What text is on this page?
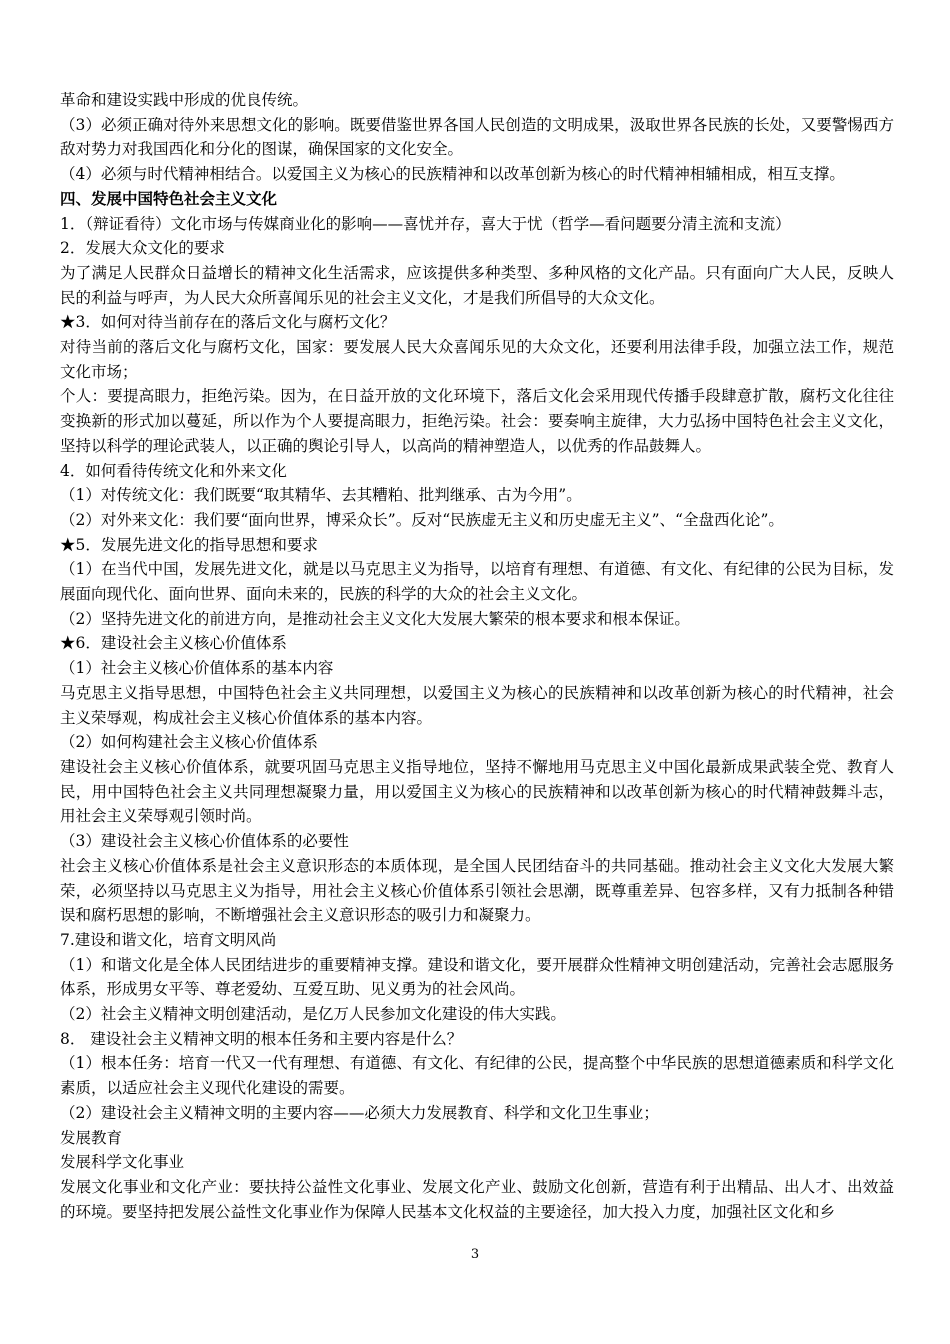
革命和建设实践中形成的优良传统。

（3）必须正确对待外来思想文化的影响。既要借鉴世界各国人民创造的文明成果，汲取世界各民族的长处，又要警惕西方敌对势力对我国西化和分化的图谋，确保国家的文化安全。

（4）必须与时代精神相结合。以爱国主义为核心的民族精神和以改革创新为核心的时代精神相辅相成，相互支撑。

四、发展中国特色社会主义文化

1．（辩证看待）文化市场与传媒商业化的影响——喜忧并存，喜大于忧（哲学—看问题要分清主流和支流）

2．发展大众文化的要求

为了满足人民群众日益增长的精神文化生活需求，应该提供多种类型、多种风格的文化产品。只有面向广大人民，反映人民的利益与呼声，为人民大众所喜闻乐见的社会主义文化，才是我们所倡导的大众文化。

★3．如何对待当前存在的落后文化与腐朽文化？

对待当前的落后文化与腐朽文化，国家：要发展人民大众喜闻乐见的大众文化，还要利用法律手段，加强立法工作，规范文化市场；

个人：要提高眼力，拒绝污染。因为，在日益开放的文化环境下，落后文化会采用现代传播手段肆意扩散，腐朽文化往往变换新的形式加以蔓延，所以作为个人要提高眼力，拒绝污染。社会：要奏响主旋律，大力弘扬中国特色社会主义文化，坚持以科学的理论武装人，以正确的舆论引导人，以高尚的精神塑造人，以优秀的作品鼓舞人。

4．如何看待传统文化和外来文化

（1）对传统文化：我们既要“取其精华、去其糟粕、批判继承、古为今用”。

（2）对外来文化：我们要“面向世界，博采众长”。反对“民族虚无主义和历史虚无主义”、“全盘西化论”。

★5．发展先进文化的指导思想和要求

（1）在当代中国，发展先进文化，就是以马克思主义为指导，以培育有理想、有道德、有文化、有纪律的公民为目标，发展面向现代化、面向世界、面向未来的，民族的科学的大众的社会主义文化。

（2）坚持先进文化的前进方向，是推动社会主义文化大发展大繁荣的根本要求和根本保证。

★6．建设社会主义核心价值体系

（1）社会主义核心价值体系的基本内容

马克思主义指导思想，中国特色社会主义共同理想，以爱国主义为核心的民族精神和以改革创新为核心的时代精神，社会主义荣辱观，构成社会主义核心价值体系的基本内容。

（2）如何构建社会主义核心价值体系

建设社会主义核心价值体系，就要巩固马克思主义指导地位，坚持不懈地用马克思主义中国化最新成果武装全党、教育人民，用中国特色社会主义共同理想凝聚力量，用以爱国主义为核心的民族精神和以改革创新为核心的时代精神鼓舞斗志，用社会主义荣辱观引领时尚。

（3）建设社会主义核心价值体系的必要性

社会主义核心价值体系是社会主义意识形态的本质体现，是全国人民团结奋斗的共同基础。推动社会主义文化大发展大繁荣，必须坚持以马克思主义为指导，用社会主义核心价值体系引领社会思潮，既尊重差异、包容多样，又有力抵制各种错误和腐朽思想的影响，不断增强社会主义意识形态的吸引力和凝聚力。

7.建设和谐文化，培育文明风尚

（1）和谐文化是全体人民团结进步的重要精神支撑。建设和谐文化，要开展群众性精神文明创建活动，完善社会志愿服务体系，形成男女平等、尊老爱幼、互爱互助、见义勇为的社会风尚。

（2）社会主义精神文明创建活动，是亿万人民参加文化建设的伟大实践。

8． 建设社会主义精神文明的根本任务和主要内容是什么？

（1）根本任务：培育一代又一代有理想、有道德、有文化、有纪律的公民，提高整个中华民族的思想道德素质和科学文化素质，以适应社会主义现代化建设的需要。

（2）建设社会主义精神文明的主要内容——必须大力发展教育、科学和文化卫生事业；

发展教育

发展科学文化事业

发展文化事业和文化产业：要扶持公益性文化事业、发展文化产业、鼓励文化创新，营造有利于出精品、出人才、出效益的环境。要坚持把发展公益性文化事业作为保障人民基本文化权益的主要途径，加大投入力度，加强社区文化和乡

3
